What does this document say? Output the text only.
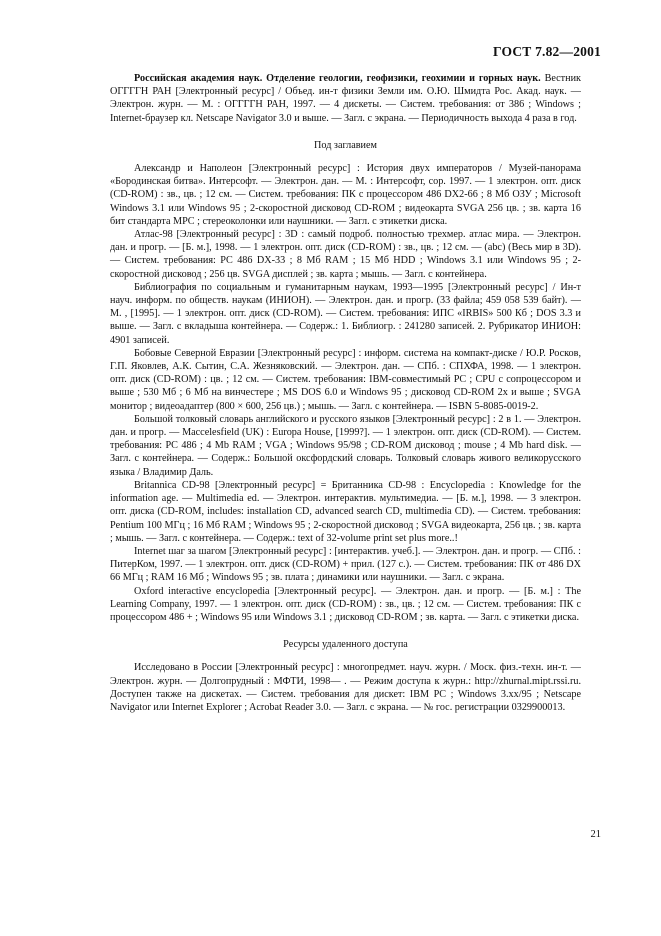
ГОСТ 7.82—2001

Российская академия наук. Отделение геологии, геофизики, геохимии и горных наук. Вестник ОГГГГН РАН [Электронный ресурс] / Объед. ин-т физики Земли им. О.Ю. Шмидта Рос. Акад. наук. — Электрон. журн. — М. : ОГГГГН РАН, 1997. — 4 дискеты. — Систем. требования: от 386 ; Windows ; Internet-браузер кл. Netscape Navigator 3.0 и выше. — Загл. с экрана. — Периодичность выхода 4 раза в год.

Под заглавием

Александр и Наполеон [Электронный ресурс] : История двух императоров / Музей-панорама «Бородинская битва». Интерсофт. — Электрон. дан. — М. : Интерсофт, сор. 1997. — 1 электрон. опт. диск (CD-ROM) : зв., цв. ; 12 см. — Систем. требования: ПК с процессором 486 DX2-66 ; 8 Мб ОЗУ ; Microsoft Windows 3.1 или Windows 95 ; 2-скоростной дисковод CD-ROM ; видеокарта SVGA 256 цв. ; зв. карта 16 бит стандарта MPC ; стереоколонки или наушники. — Загл. с этикетки диска.

Атлас-98 [Электронный ресурс] : 3D : самый подроб. полностью трехмер. атлас мира. — Электрон. дан. и прогр. — [Б. м.], 1998. — 1 электрон. опт. диск (CD-ROM) : зв., цв. ; 12 см. — (abc) (Весь мир в 3D). — Систем. требования: PC 486 DX-33 ; 8 Мб RAM ; 15 Мб HDD ; Windows 3.1 или Windows 95 ; 2-скоростной дисковод ; 256 цв. SVGA дисплей ; зв. карта ; мышь. — Загл. с контейнера.

Библиография по социальным и гуманитарным наукам, 1993—1995 [Электронный ресурс] / Ин-т науч. информ. по обществ. наукам (ИНИОН). — Электрон. дан. и прогр. (33 файла; 459 058 539 байт). — М. , [1995]. — 1 электрон. опт. диск (CD-ROM). — Систем. требования: ИПС «IRBIS» 500 Кб ; DOS 3.3 и выше. — Загл. с вкладыша контейнера. — Содерж.: 1. Библиогр. : 241280 записей. 2. Рубрикатор ИНИОН: 4901 записей.

Бобовые Северной Евразии [Электронный ресурс] : информ. система на компакт-диске / Ю.Р. Росков, Г.П. Яковлев, А.К. Сытин, С.А. Жезняковский. — Электрон. дан. — СПб. : СПХФА, 1998. — 1 электрон. опт. диск (CD-ROM) : цв. ; 12 см. — Систем. требования: IBM-совместимый PC ; CPU с сопроцессором и выше ; 530 Мб ; 6 Мб на винчестере ; MS DOS 6.0 и Windows 95 ; дисковод CD-ROM 2x и выше ; SVGA монитор ; видеоадаптер (800 × 600, 256 цв.) ; мышь. — Загл. с контейнера. — ISBN 5-8085-0019-2.

Большой толковый словарь английского и русского языков [Электронный ресурс] : 2 в 1. — Электрон. дан. и прогр. — Maccelesfield (UK) : Europa House, [1999?]. — 1 электрон. опт. диск (CD-ROM). — Систем. требования: PC 486 ; 4 Mb RAM ; VGA ; Windows 95/98 ; CD-ROM дисковод ; mouse ; 4 Mb hard disk. — Загл. с контейнера. — Содерж.: Большой оксфордский словарь. Толковый словарь живого великорусского языка / Владимир Даль.

Britannica CD-98 [Электронный ресурс] = Британника CD-98 : Encyclopedia : Knowledge for the information age. — Multimedia ed. — Электрон. интерактив. мультимедиа. — [Б. м.], 1998. — 3 электрон. опт. диска (CD-ROM, includes: installation CD, advanced search CD, multimedia CD). — Систем. требования: Pentium 100 МГц ; 16 Мб RAM ; Windows 95 ; 2-скоростной дисковод ; SVGA видеокарта, 256 цв. ; зв. карта ; мышь. — Загл. с контейнера. — Содерж.: text of 32-volume print set plus more..!

Internet шаг за шагом [Электронный ресурс] : [интерактив. учеб.]. — Электрон. дан. и прогр. — СПб. : ПитерКом, 1997. — 1 электрон. опт. диск (CD-ROM) + прил. (127 с.). — Систем. требования: ПК от 486 DX 66 МГц ; RAM 16 Мб ; Windows 95 ; зв. плата ; динамики или наушники. — Загл. с экрана.

Oxford interactive encyclopedia [Электронный ресурс]. — Электрон. дан. и прогр. — [Б. м.] : The Learning Company, 1997. — 1 электрон. опт. диск (CD-ROM) : зв., цв. ; 12 см. — Систем. требования: ПК с процессором 486 + ; Windows 95 или Windows 3.1 ; дисковод CD-ROM ; зв. карта. — Загл. с этикетки диска.

Ресурсы удаленного доступа

Исследовано в России [Электронный ресурс] : многопредмет. науч. журн. / Моск. физ.-техн. ин-т. — Электрон. журн. — Долгопрудный : МФТИ, 1998— . — Режим доступа к журн.: http://zhurnal.mipt.rssi.ru. Доступен также на дискетах. — Систем. требования для дискет: IBM PC ; Windows 3.xx/95 ; Netscape Navigator или Internet Explorer ; Acrobat Reader 3.0. — Загл. с экрана. — № гос. регистрации 0329900013.

21
